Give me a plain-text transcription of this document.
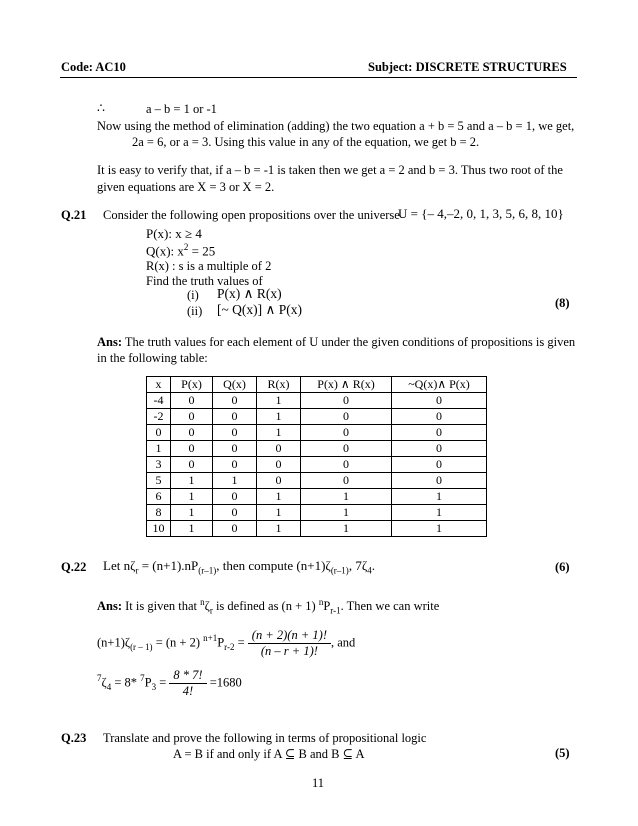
Code: AC10	Subject: DISCRETE STRUCTURES
∴	a – b = 1 or -1
Now using the method of elimination (adding) the two equation a + b = 5 and a – b = 1, we get,
2a = 6, or a = 3. Using this value in any of the equation, we get b = 2.
It is easy to verify that, if a – b = -1 is taken then we get a = 2 and b = 3. Thus two root of the
given equations are X = 3 or X = 2.
Q.21 Consider the following open propositions over the universe
U = {– 4,–2, 0, 1, 3, 5, 6, 8, 10}
P(x): x ≥ 4
Q(x): $x^2 = 25$
R(x) : s is a multiple of 2
Find the truth values of
(i) P(x) ∧ R(x)
(ii) [~ Q(x)] ∧ P(x)	(8)
Ans: The truth values for each element of U under the given conditions of propositions is given
in the following table:
x	P(x)	Q(x)	R(x)	P(x) ∧ R(x)	~Q(x)∧ P(x)
-4	0	0	1	0	0
-2	0	0	1	0	0
0	0	0	1	0	0
1	0	0	0	0	0
3	0	0	0	0	0
5	1	1	0	0	0
6	1	0	1	1	1
8	1	0	1	1	1
10	1	0	1	1	1
Q.22 Let $n\zeta_r = (n+1).nP_{(r-1)}$, then compute $(n+1)\zeta_{(r-1)}$, $7\zeta_4$.	(6)
Ans: It is given that $^n\zeta_r$ is defined as (n + 1) $^nP_{r-1}$. Then we can write
$(n+1)\zeta_{(r - 1)} = (n + 2) ^{n+1}P_{r-2} = \frac{(n + 2)(n + 1)!}{(n - r + 1)!}$ , and
$^7\zeta_4 = 8*$ $^7P_3 = \frac{8 * 7!}{4!} =1680$
Q.23 Translate and prove the following in terms of propositional logic
A = B if and only if A ⊆ B and B ⊆ A	(5)
11
